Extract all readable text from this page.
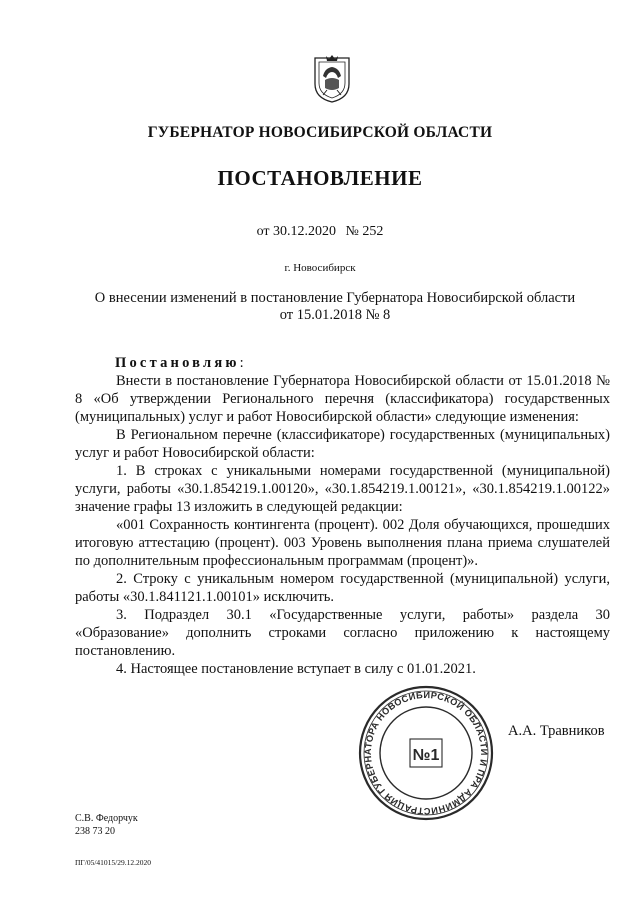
ГУБЕРНАТОР НОВОСИБИРСКОЙ ОБЛАСТИ
ПОСТАНОВЛЕНИЕ
от 30.12.2020 № 252
г. Новосибирск
О внесении изменений в постановление Губернатора Новосибирской области
от 15.01.2018 № 8

Постановляю:

Внести в постановление Губернатора Новосибирской области от 15.01.2018 № 8 «Об утверждении Регионального перечня (классификатора) государственных (муниципальных) услуг и работ Новосибирской области» следующие изменения:

В Региональном перечне (классификаторе) государственных (муниципальных) услуг и работ Новосибирской области:

1. В строках с уникальными номерами государственной (муниципальной) услуги, работы «30.1.854219.1.00120», «30.1.854219.1.00121», «30.1.854219.1.00122» значение графы 13 изложить в следующей редакции:

«001 Сохранность контингента (процент). 002 Доля обучающихся, прошедших итоговую аттестацию (процент). 003 Уровень выполнения плана приема слушателей по дополнительным профессиональным программам (процент)».

2. Строку с уникальным номером государственной (муниципальной) услуги, работы «30.1.841121.1.00101» исключить.

3. Подраздел 30.1 «Государственные услуги, работы» раздела 30 «Образование» дополнить строками согласно приложению к настоящему постановлению.

4. Настоящее постановление вступает в силу с 01.01.2021.

АДМИНИСТРАЦИЯ ГУБЕРНАТОРА НОВОСИБИРСКОЙ ОБЛАСТИ И ПРАВИТЕЛЬСТВА
№1
А.А. Травников
С.В. Федорчук
238 73 20
ПГ/05/41015/29.12.2020
